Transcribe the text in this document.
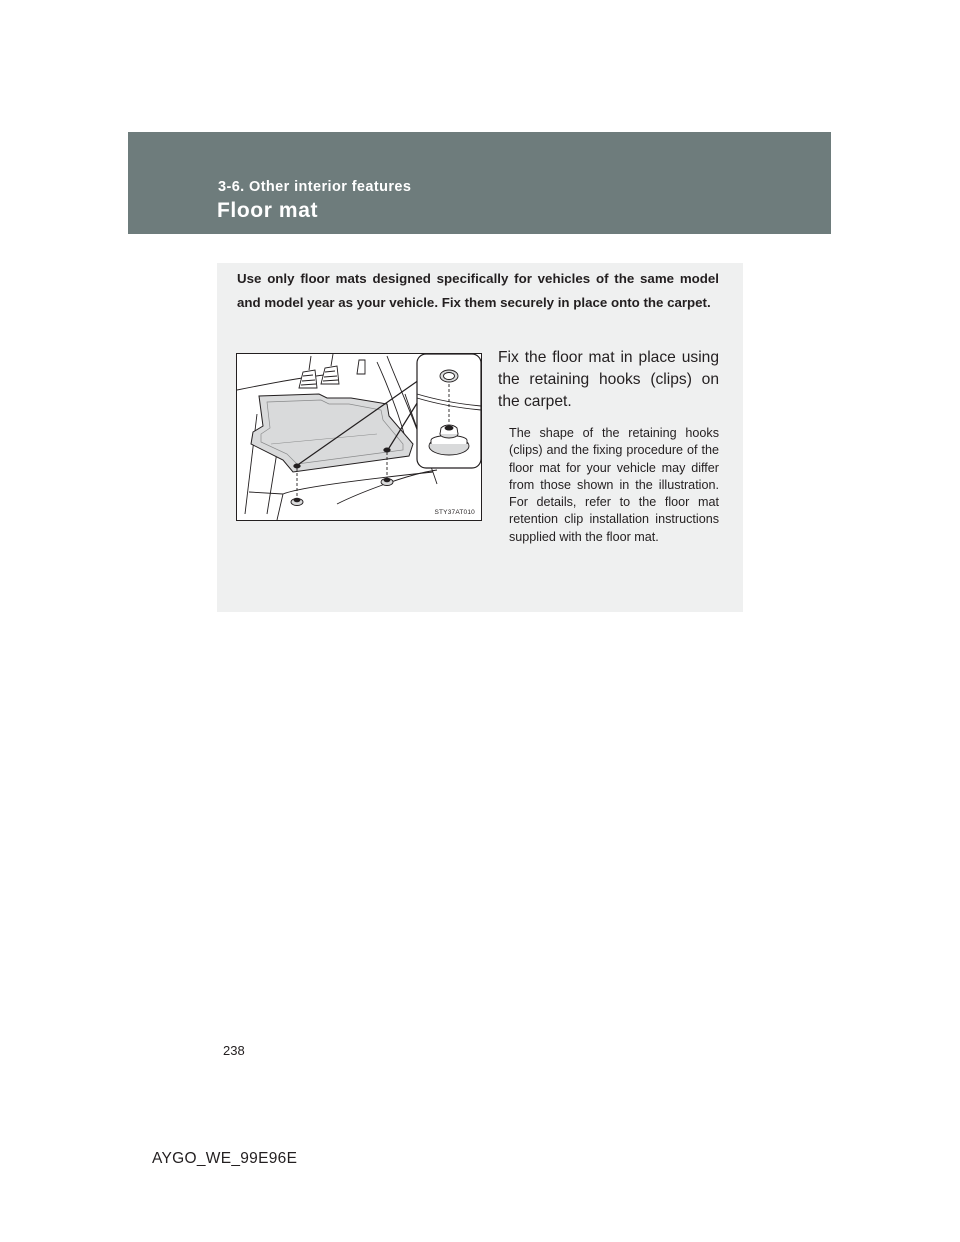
3-6. Other interior features
Floor mat

Use only floor mats designed specifically for vehicles of the same model and model year as your vehicle. Fix them securely in place onto the carpet.

STY37AT010

Fix the floor mat in place using the retaining hooks (clips) on the carpet.

The shape of the retaining hooks (clips) and the fixing procedure of the floor mat for your vehicle may differ from those shown in the illustration. For details, refer to the floor mat retention clip installation instructions supplied with the floor mat.

238
AYGO_WE_99E96E
